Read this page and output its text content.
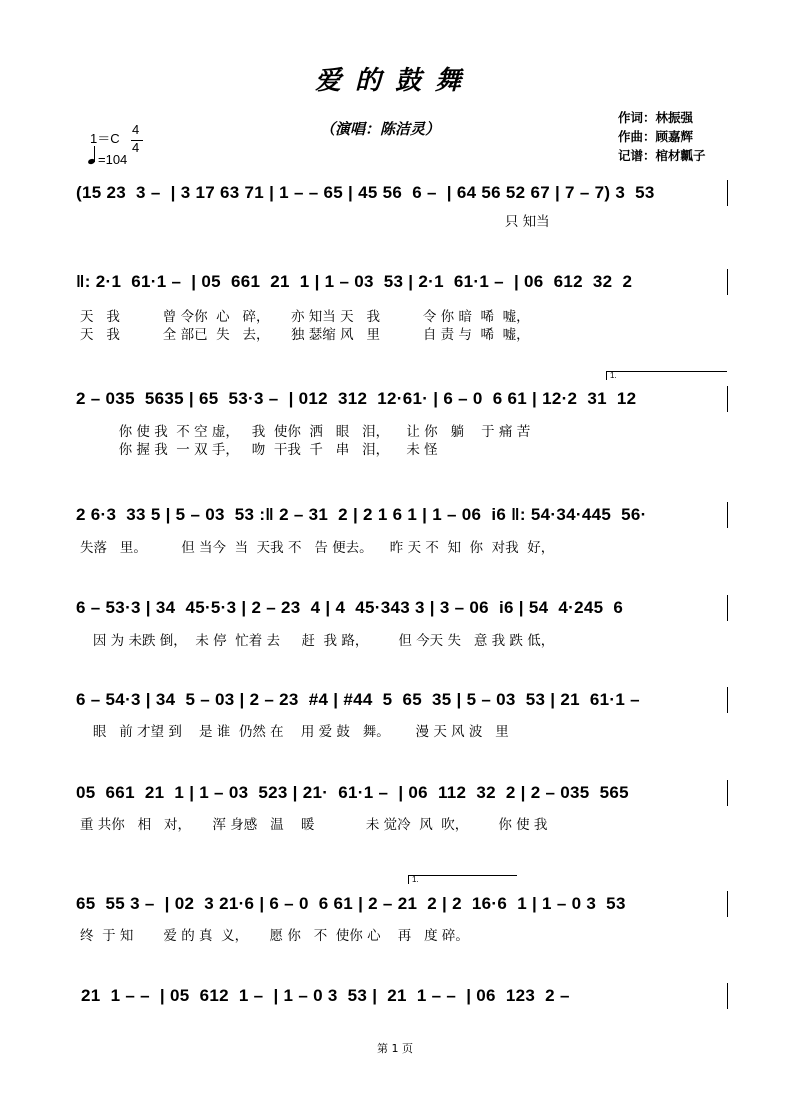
爱的鼓舞
（演唱：陈洁灵）
作词：林振强
作曲：顾嘉辉
记谱：棺材瓤子
1＝C
4
4
=104
(15 23  3 –  | 3 17 63 71 | 1 – – 65 | 45 56  6 –  | 64 56 52 67 | 7 – 7) 3  53
只 知当
‖: 2·1  61·1 –  | 05  661  21  1 | 1 – 03  53 | 2·1  61·1 –  | 06  612  32  2
天   我          曾 令你  心   碎，     亦 知当 天   我          令 你 暗  唏  嘘，
天   我          全 部已  失   去，     独 瑟缩 风   里          自 责 与  唏  嘘，
1.
2 – 035  5635 | 65  53·3 –  | 012  312  12·61· | 6 – 0  6 61 | 12·2  31  12
你 使 我  不 空 虚，   我  使你  洒   眼   泪，    让 你   躺    于 痛 苦
你 握 我  一 双 手，   吻  干我  千   串   泪，    未 怪
2 6·3  33 5 | 5 – 03  53 :‖ 2 – 31  2 | 2 1 6 1 | 1 – 06  i6 ‖: 54·34·445  56·
失落   里。        但 当今  当  天我 不   告 便去。    昨 天 不  知  你  对我  好，
6 – 53·3 | 34  45·5·3 | 2 – 23  4 | 4  45·343 3 | 3 – 06  i6 | 54  4·245  6
因 为 未跌 倒，  未 停  忙着 去     赶  我 路，       但 今天 失   意 我 跌 低，
6 – 54·3 | 34  5 – 03 | 2 – 23  #4 | #44  5  65  35 | 5 – 03  53 | 21  61·1 –
眼   前 才望 到    是 谁  仍然 在    用 爱 鼓   舞。      漫 天 风 波   里
05  661  21  1 | 1 – 03  523 | 21·  61·1 –  | 06  112  32  2 | 2 – 035  565
重 共你   相   对，     浑 身感   温    暖            未 觉冷  风  吹，       你 使 我
1.
65  55 3 –  | 02  3 21·6 | 6 – 0  6 61 | 2 – 21  2 | 2  16·6  1 | 1 – 0 3  53
终  于 知       爱 的 真  义，     愿 你   不  使你 心    再   度 碎。
21  1 – –  | 05  612  1 –  | 1 – 0 3  53 |  21  1 – –  | 06  123  2 –
第 1 页
